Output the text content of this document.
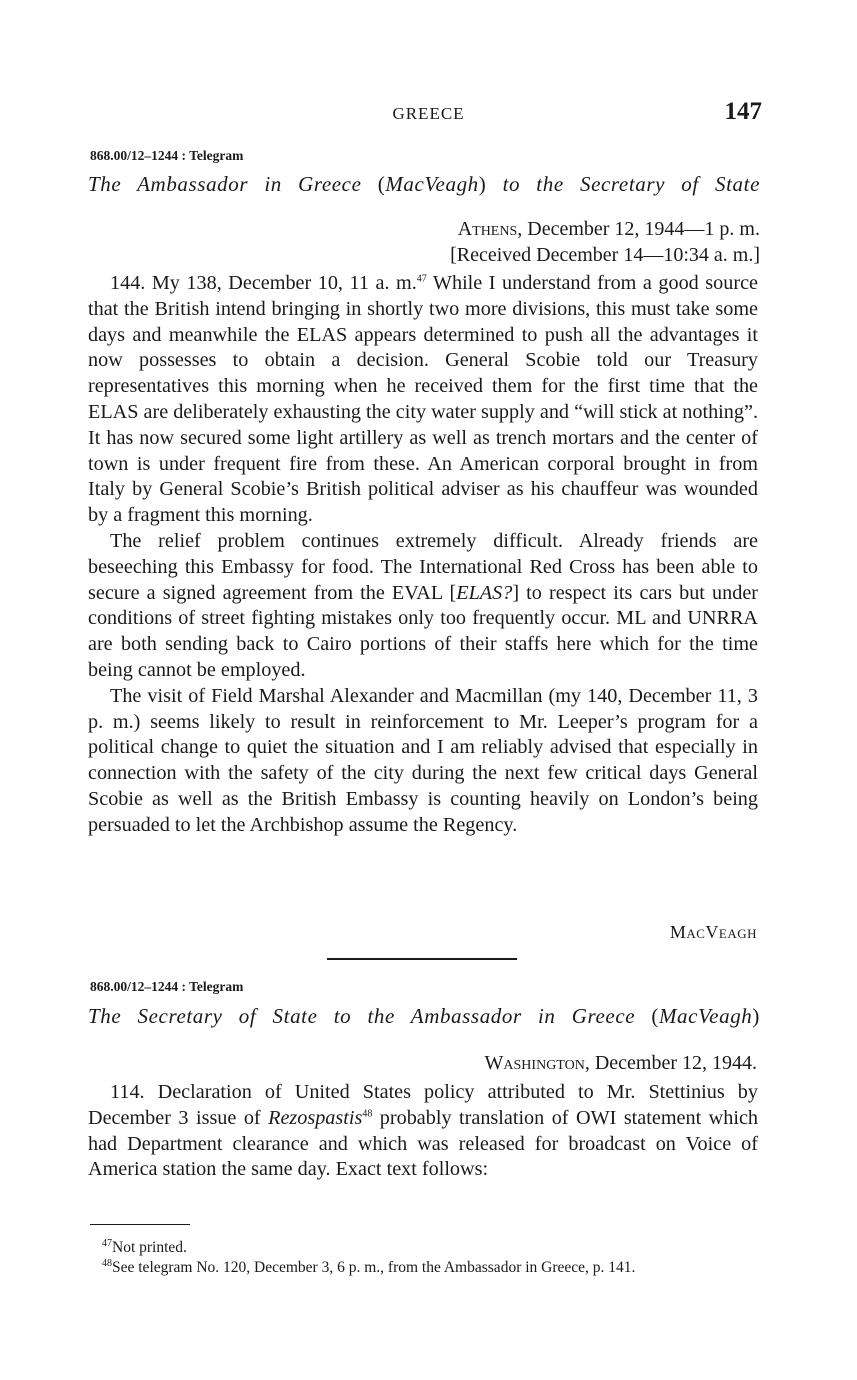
GREECE	147
868.00/12–1244 : Telegram
The Ambassador in Greece (MacVeagh) to the Secretary of State
Athens, December 12, 1944—1 p. m.
[Received December 14—10:34 a. m.]

144. My 138, December 10, 11 a. m.$^{47}$ While I understand from a good source that the British intend bringing in shortly two more divisions, this must take some days and meanwhile the ELAS appears determined to push all the advantages it now possesses to obtain a decision. General Scobie told our Treasury representatives this morning when he received them for the first time that the ELAS are deliberately exhausting the city water supply and “will stick at nothing”. It has now secured some light artillery as well as trench mortars and the center of town is under frequent fire from these. An American corporal brought in from Italy by General Scobie’s British political adviser as his chauffeur was wounded by a fragment this morning.

The relief problem continues extremely difficult. Already friends are beseeching this Embassy for food. The International Red Cross has been able to secure a signed agreement from the EVAL [ELAS?] to respect its cars but under conditions of street fighting mistakes only too frequently occur. ML and UNRRA are both sending back to Cairo portions of their staffs here which for the time being cannot be employed.

The visit of Field Marshal Alexander and Macmillan (my 140, December 11, 3 p. m.) seems likely to result in reinforcement to Mr. Leeper’s program for a political change to quiet the situation and I am reliably advised that especially in connection with the safety of the city during the next few critical days General Scobie as well as the British Embassy is counting heavily on London’s being persuaded to let the Archbishop assume the Regency.

MacVeagh
868.00/12–1244 : Telegram
The Secretary of State to the Ambassador in Greece (MacVeagh)
Washington, December 12, 1944.

114. Declaration of United States policy attributed to Mr. Stettinius by December 3 issue of Rezospastis$^{48}$ probably translation of OWI statement which had Department clearance and which was released for broadcast on Voice of America station the same day. Exact text follows:

$^{47}$Not printed.

$^{48}$See telegram No. 120, December 3, 6 p. m., from the Ambassador in Greece, p. 141.
